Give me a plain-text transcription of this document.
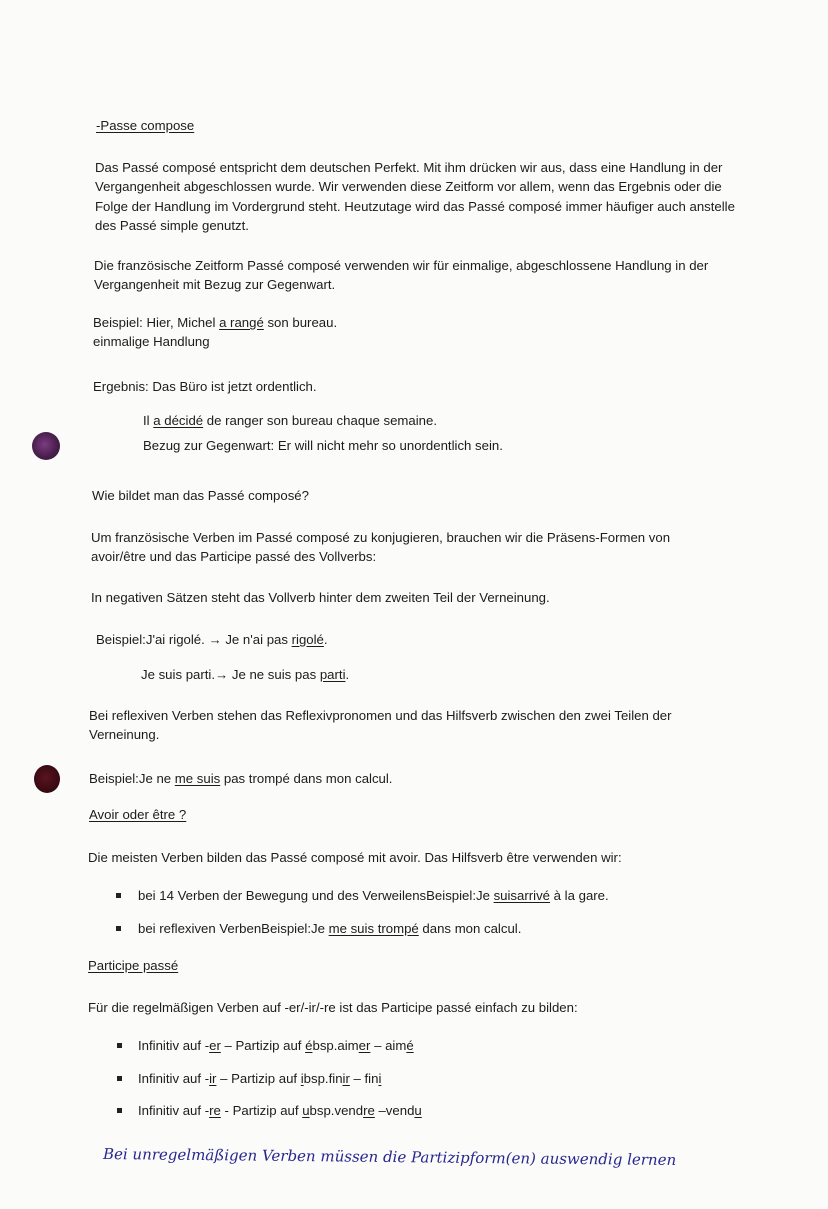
-Passe compose
Das Passé composé entspricht dem deutschen Perfekt. Mit ihm drücken wir aus, dass eine Handlung in der Vergangenheit abgeschlossen wurde. Wir verwenden diese Zeitform vor allem, wenn das Ergebnis oder die Folge der Handlung im Vordergrund steht. Heutzutage wird das Passé composé immer häufiger auch anstelle des Passé simple genutzt.
Die französische Zeitform Passé composé verwenden wir für einmalige, abgeschlossene Handlung in der Vergangenheit mit Bezug zur Gegenwart.
Beispiel: Hier, Michel a rangé son bureau.
einmalige Handlung
Ergebnis: Das Büro ist jetzt ordentlich.
Il a décidé de ranger son bureau chaque semaine.
Bezug zur Gegenwart: Er will nicht mehr so unordentlich sein.
Wie bildet man das Passé composé?
Um französische Verben im Passé composé zu konjugieren, brauchen wir die Präsens-Formen von avoir/être und das Participe passé des Vollverbs:
In negativen Sätzen steht das Vollverb hinter dem zweiten Teil der Verneinung.
Beispiel:J'ai rigolé. → Je n'ai pas rigolé.
Je suis parti.→ Je ne suis pas parti.
Bei reflexiven Verben stehen das Reflexivpronomen und das Hilfsverb zwischen den zwei Teilen der Verneinung.
Beispiel:Je ne me suis pas trompé dans mon calcul.
Avoir oder être ?
Die meisten Verben bilden das Passé composé mit avoir. Das Hilfsverb être verwenden wir:
bei 14 Verben der Bewegung und des VerweilensBeispiel:Je suisarrivé à la gare.
bei reflexiven VerbenBeispiel:Je me suis trompé dans mon calcul.
Participe passé
Für die regelmäßigen Verben auf -er/-ir/-re ist das Participe passé einfach zu bilden:
Infinitiv auf -er – Partizip auf ébsp.aimer – aimé
Infinitiv auf -ir – Partizip auf ibsp.finir – fini
Infinitiv auf -re - Partizip auf ubsp.vendre –vendu
Bei unregelmäßigen Verben müssen die Partizipform(en) auswendig lernen
